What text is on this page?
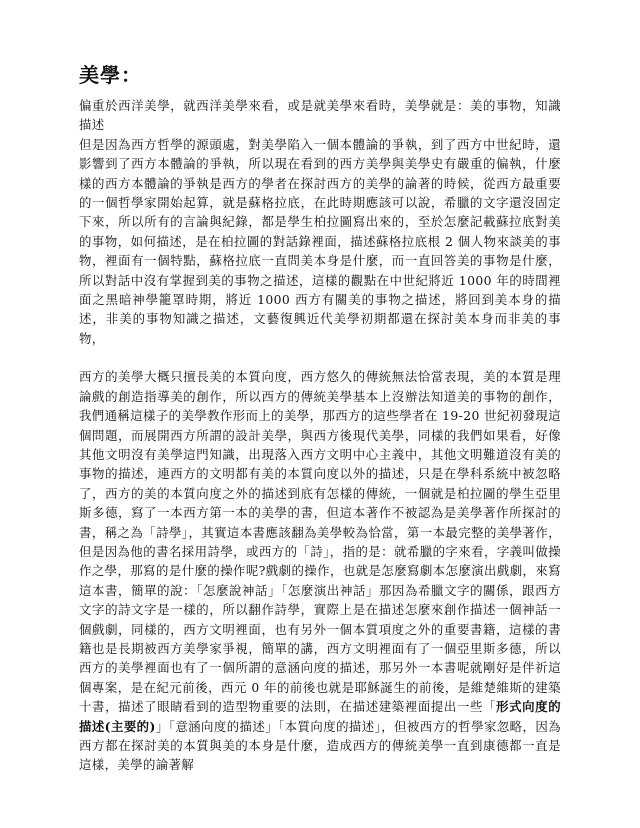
美學：

偏重於西洋美學，就西洋美學來看，或是就美學來看時，美學就是：美的事物，知識描述

但是因為西方哲學的源頭處，對美學陷入一個本體論的爭執，到了西方中世紀時，還影響到了西方本體論的爭執，所以現在看到的西方美學與美學史有嚴重的偏執，什麼樣的西方本體論的爭執是西方的學者在探討西方的美學的論著的時候，從西方最重要的一個哲學家開始起算，就是蘇格拉底，在此時期應該可以說，希臘的文字還沒固定下來，所以所有的言論與紀錄，都是學生柏拉圖寫出來的，至於怎麼記載蘇拉底對美的事物，如何描述，是在柏拉圖的對話錄裡面，描述蘇格拉底根 2 個人物來談美的事物，裡面有一個特點，蘇格拉底一直問美本身是什麼，而一直回答美的事物是什麼，所以對話中沒有掌握到美的事物之描述，這樣的觀點在中世紀將近 1000 年的時間裡面之黑暗神學籠罩時期，將近 1000 西方有關美的事物之描述，將回到美本身的描述，非美的事物知識之描述，文藝復興近代美學初期都還在探討美本身而非美的事物，

西方的美學大概只擅長美的本質向度，西方悠久的傳統無法恰當表現，美的本質是理論戲的創造指導美的創作，所以西方的傳統美學基本上沒辦法知道美的事物的創作，我們通稱這樣子的美學教作形而上的美學，那西方的這些學者在 19-20 世紀初發現這個問題，而展開西方所謂的設計美學，與西方後現代美學，同樣的我們如果看，好像其他文明沒有美學這門知識，出現落入西方文明中心主義中，其他文明難道沒有美的事物的描述，連西方的文明都有美的本質向度以外的描述，只是在學科系統中被忽略了，西方的美的本質向度之外的描述到底有怎樣的傳統，一個就是柏拉圖的學生亞里斯多德，寫了一本西方第一本的美學的書，但這本著作不被認為是美學著作所探討的書，稱之為「詩學」，其實這本書應該翻為美學較為恰當，第一本最完整的美學著作，但是因為他的書名採用詩學，或西方的「詩」，指的是：就希臘的字來看，字義叫做操作之學，那寫的是什麼的操作呢?戲劇的操作，也就是怎麼寫劇本怎麼演出戲劇，來寫這本書，簡單的說：「怎麼說神話」「怎麼演出神話」那因為希臘文字的關係，跟西方文字的詩文字是一樣的，所以翻作詩學，實際上是在描述怎麼來創作描述一個神話一個戲劇，同樣的，西方文明裡面，也有另外一個本質項度之外的重要書籍，這樣的書籍也是長期被西方美學家爭視，簡單的講，西方文明裡面有了一個亞里斯多德，所以西方的美學裡面也有了一個所謂的意涵向度的描述，那另外一本書呢就剛好是伴祈這個專案，是在紀元前後，西元 0 年的前後也就是耶穌誕生的前後，是維楚維斯的建築十書，描述了眼睛看到的造型物重要的法則，在描述建築裡面提出一些「形式向度的描述(主要的)」「意涵向度的描述」「本質向度的描述」，但被西方的哲學家忽略，因為西方都在探討美的本質與美的本身是什麼，造成西方的傳統美學一直到康德都一直是這樣，美學的論著解
